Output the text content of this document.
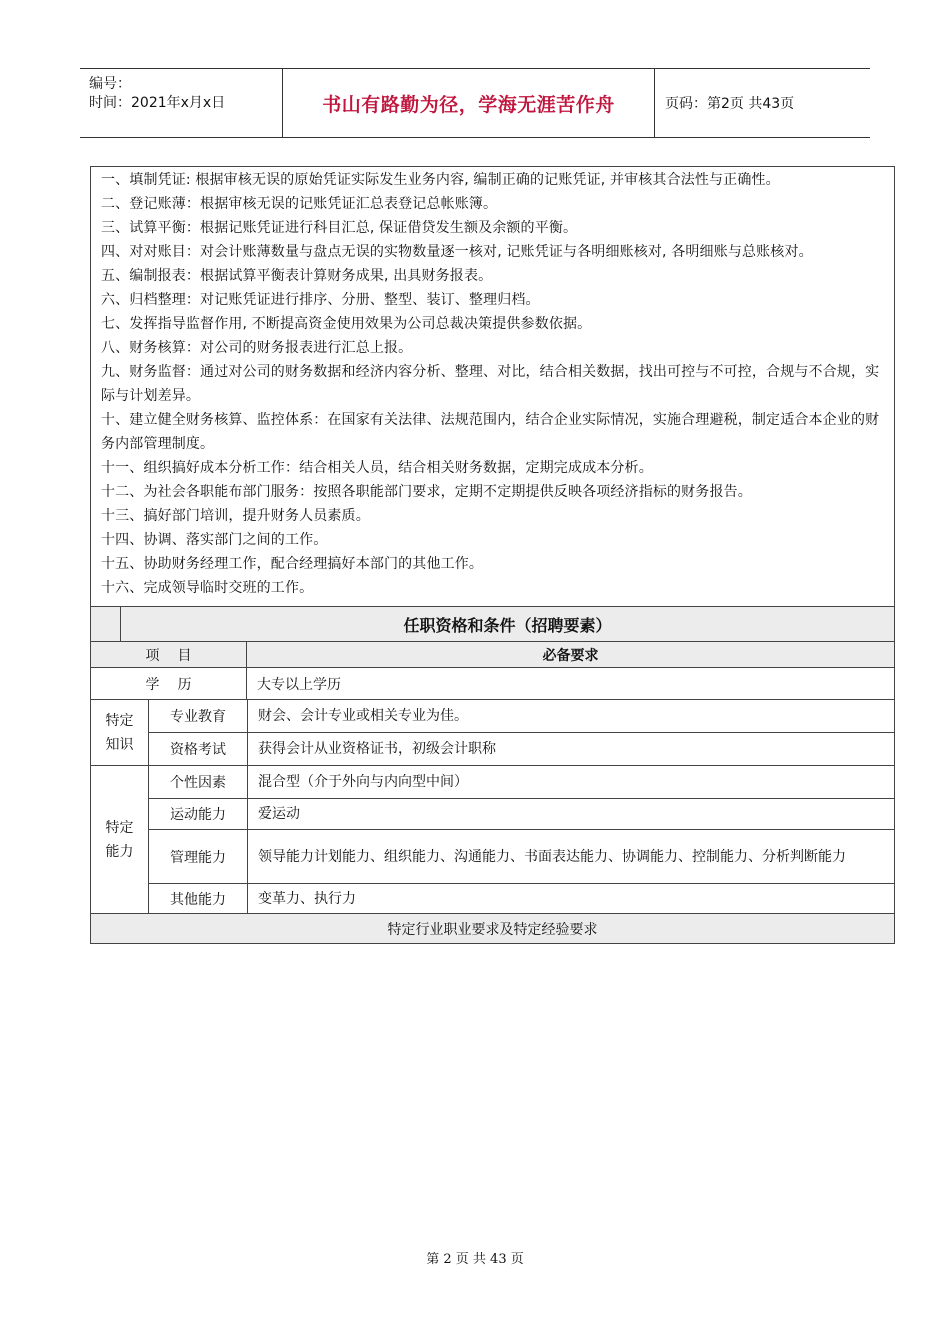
编号：
时间：2021年x月x日	书山有路勤为径，学海无涯苦作舟	页码：第2页 共43页
一、填制凭证: 根据审核无误的原始凭证实际发生业务内容, 编制正确的记账凭证, 并审核其合法性与正确性。
二、登记账薄：根据审核无误的记账凭证汇总表登记总帐账簿。
三、试算平衡：根据记账凭证进行科目汇总, 保证借贷发生额及余额的平衡。
四、对对账目：对会计账薄数量与盘点无误的实物数量逐一核对, 记账凭证与各明细账核对, 各明细账与总账核对。
五、编制报表：根据试算平衡表计算财务成果, 出具财务报表。
六、归档整理：对记账凭证进行排序、分册、整型、装订、整理归档。
七、发挥指导监督作用, 不断提高资金使用效果为公司总裁决策提供参数依据。
八、财务核算：对公司的财务报表进行汇总上报。
九、财务监督：通过对公司的财务数据和经济内容分析、整理、对比，结合相关数据，找出可控与不可控，合规与不合规，实际与计划差异。
十、建立健全财务核算、监控体系：在国家有关法律、法规范围内，结合企业实际情况，实施合理避税，制定适合本企业的财务内部管理制度。
十一、组织搞好成本分析工作：结合相关人员，结合相关财务数据，定期完成成本分析。
十二、为社会各职能布部门服务：按照各职能部门要求，定期不定期提供反映各项经济指标的财务报告。
十三、搞好部门培训，提升财务人员素质。
十四、协调、落实部门之间的工作。
十五、协助财务经理工作，配合经理搞好本部门的其他工作。
十六、完成领导临时交班的工作。
任职资格和条件（招聘要素）
项目	必备要求
学历	大专以上学历
特定知识
专业教育	财会、会计专业或相关专业为佳。
资格考试	获得会计从业资格证书，初级会计职称
特定能力
个性因素	混合型（介于外向与内向型中间）
运动能力	爱运动
管理能力	领导能力计划能力、组织能力、沟通能力、书面表达能力、协调能力、控制能力、分析判断能力
其他能力	变革力、执行力
特定行业职业要求及特定经验要求
第 2 页 共 43 页
